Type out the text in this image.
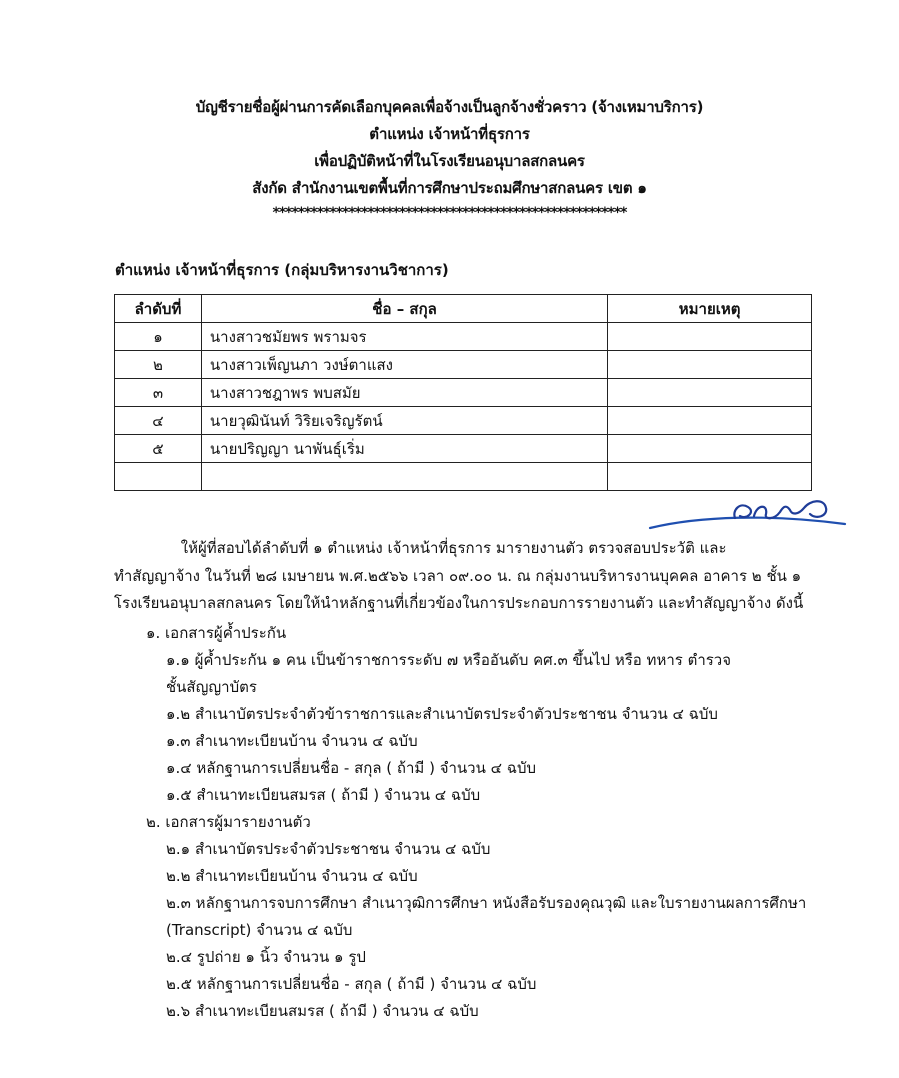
บัญชีรายชื่อผู้ผ่านการคัดเลือกบุคคลเพื่อจ้างเป็นลูกจ้างชั่วคราว (จ้างเหมาบริการ)
ตำแหน่ง เจ้าหน้าที่ธุรการ
เพื่อปฏิบัติหน้าที่ในโรงเรียนอนุบาลสกลนคร
สังกัด สำนักงานเขตพื้นที่การศึกษาประถมศึกษาสกลนคร เขต ๑
********************************************************
ตำแหน่ง เจ้าหน้าที่ธุรการ (กลุ่มบริหารงานวิชาการ)
ลำดับที่	ชื่อ – สกุล	หมายเหตุ
๑	นางสาวชมัยพร พรามจร	
๒	นางสาวเพ็ญนภา วงษ์ตาแสง	
๓	นางสาวชฎาพร พบสมัย	
๔	นายวุฒินันท์ วิริยเจริญรัตน์	
๕	นายปริญญา นาพันธุ์เริ่ม	

ให้ผู้ที่สอบได้ลำดับที่ ๑ ตำแหน่ง เจ้าหน้าที่ธุรการ มารายงานตัว ตรวจสอบประวัติ และ
ทำสัญญาจ้าง ในวันที่ ๒๘ เมษายน พ.ศ.๒๕๖๖ เวลา ๐๙.๐๐ น. ณ กลุ่มงานบริหารงานบุคคล อาคาร ๒ ชั้น ๑
โรงเรียนอนุบาลสกลนคร โดยให้นำหลักฐานที่เกี่ยวข้องในการประกอบการรายงานตัว และทำสัญญาจ้าง ดังนี้
๑. เอกสารผู้ค้ำประกัน
๑.๑ ผู้ค้ำประกัน ๑ คน เป็นข้าราชการระดับ ๗ หรืออันดับ คศ.๓ ขึ้นไป หรือ ทหาร ตำรวจ
ชั้นสัญญาบัตร
๑.๒ สำเนาบัตรประจำตัวข้าราชการและสำเนาบัตรประจำตัวประชาชน จำนวน ๔ ฉบับ
๑.๓ สำเนาทะเบียนบ้าน จำนวน ๔ ฉบับ
๑.๔ หลักฐานการเปลี่ยนชื่อ - สกุล ( ถ้ามี ) จำนวน ๔ ฉบับ
๑.๕ สำเนาทะเบียนสมรส ( ถ้ามี ) จำนวน ๔ ฉบับ
๒. เอกสารผู้มารายงานตัว
๒.๑ สำเนาบัตรประจำตัวประชาชน จำนวน ๔ ฉบับ
๒.๒ สำเนาทะเบียนบ้าน จำนวน ๔ ฉบับ
๒.๓ หลักฐานการจบการศึกษา สำเนาวุฒิการศึกษา หนังสือรับรองคุณวุฒิ และใบรายงานผลการศึกษา
(Transcript) จำนวน ๔ ฉบับ
๒.๔ รูปถ่าย ๑ นิ้ว จำนวน ๑ รูป
๒.๕ หลักฐานการเปลี่ยนชื่อ - สกุล ( ถ้ามี ) จำนวน ๔ ฉบับ
๒.๖ สำเนาทะเบียนสมรส ( ถ้ามี ) จำนวน ๔ ฉบับ
